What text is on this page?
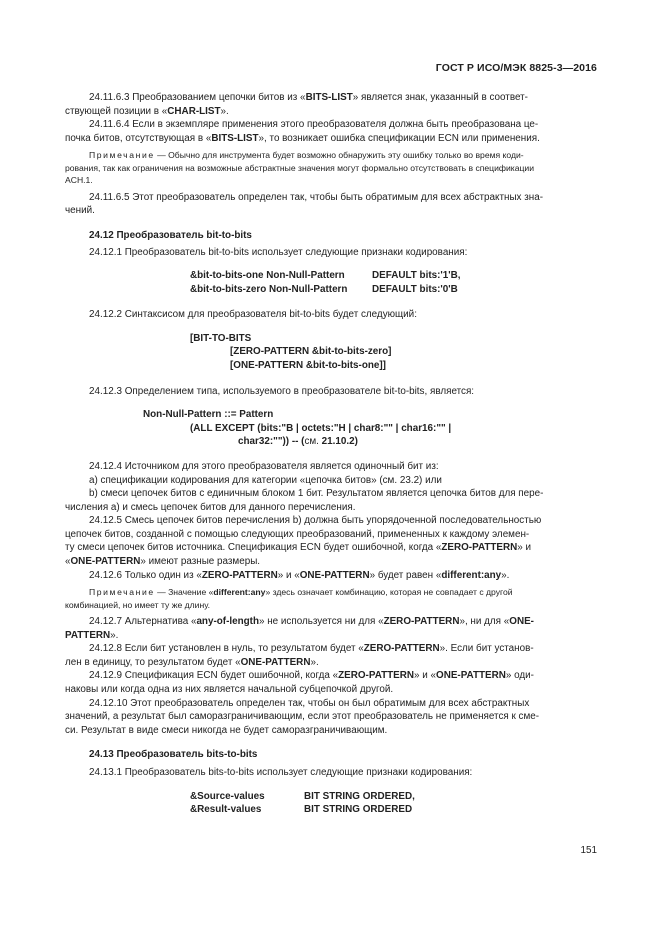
ГОСТ Р ИСО/МЭК 8825-3—2016

24.11.6.3 Преобразованием цепочки битов из «BITS-LIST» является знак, указанный в соответ-

ствующей позиции в «CHAR-LIST».

24.11.6.4 Если в экземпляре применения этого преобразователя должна быть преобразована це-

почка битов, отсутствующая в «BITS-LIST», то возникает ошибка спецификации ECN или применения.

Примечание — Обычно для инструмента будет возможно обнаружить эту ошибку только во время коди-

рования, так как ограничения на возможные абстрактные значения могут формально отсутствовать в спецификации

ACH.1.

24.11.6.5 Этот преобразователь определен так, чтобы быть обратимым для всех абстрактных зна-

чений.

24.12 Преобразователь bit-to-bits

24.12.1 Преобразователь bit-to-bits использует следующие признаки кодирования:

&bit-to-bits-one Non-Null-Pattern	DEFAULT bits:'1'B,
&bit-to-bits-zero Non-Null-Pattern	DEFAULT bits:'0'B

24.12.2 Синтаксисом для преобразователя bit-to-bits будет следующий:

[BIT-TO-BITS
[ZERO-PATTERN &bit-to-bits-zero]
[ONE-PATTERN &bit-to-bits-one]]

24.12.3 Определением типа, используемого в преобразователе bit-to-bits, является:

Non-Null-Pattern ::= Pattern
(ALL EXCEPT (bits:"B | octets:"H | char8:"" | char16:"" |
char32:"")) -- (см. 21.10.2)

24.12.4 Источником для этого преобразователя является одиночный бит из:

a) спецификации кодирования для категории «цепочка битов» (см. 23.2) или

b) смеси цепочек битов с единичным блоком 1 бит. Результатом является цепочка битов для пере-

числения а) и смесь цепочек битов для данного перечисления.

24.12.5 Смесь цепочек битов перечисления b) должна быть упорядоченной последовательностью

цепочек битов, созданной с помощью следующих преобразований, примененных к каждому элемен-

ту смеси цепочек битов источника. Спецификация ECN будет ошибочной, когда «ZERO-PATTERN» и

«ONE-PATTERN» имеют разные размеры.

24.12.6 Только один из «ZERO-PATTERN» и «ONE-PATTERN» будет равен «different:any».

Примечание — Значение «different:any» здесь означает комбинацию, которая не совпадает с другой

комбинацией, но имеет ту же длину.

24.12.7 Альтернатива «any-of-length» не используется ни для «ZERO-PATTERN», ни для «ONE-

PATTERN».

24.12.8 Если бит установлен в нуль, то результатом будет «ZERO-PATTERN». Если бит установ-

лен в единицу, то результатом будет «ONE-PATTERN».

24.12.9 Спецификация ECN будет ошибочной, когда «ZERO-PATTERN» и «ONE-PATTERN» оди-

наковы или когда одна из них является начальной субцепочкой другой.

24.12.10 Этот преобразователь определен так, чтобы он был обратимым для всех абстрактных

значений, а результат был саморазграничивающим, если этот преобразователь не применяется к сме-

си. Результат в виде смеси никогда не будет саморазграничивающим.

24.13 Преобразователь bits-to-bits

24.13.1 Преобразователь bits-to-bits использует следующие признаки кодирования:

&Source-values	BIT STRING ORDERED,
&Result-values	BIT STRING ORDERED
151
